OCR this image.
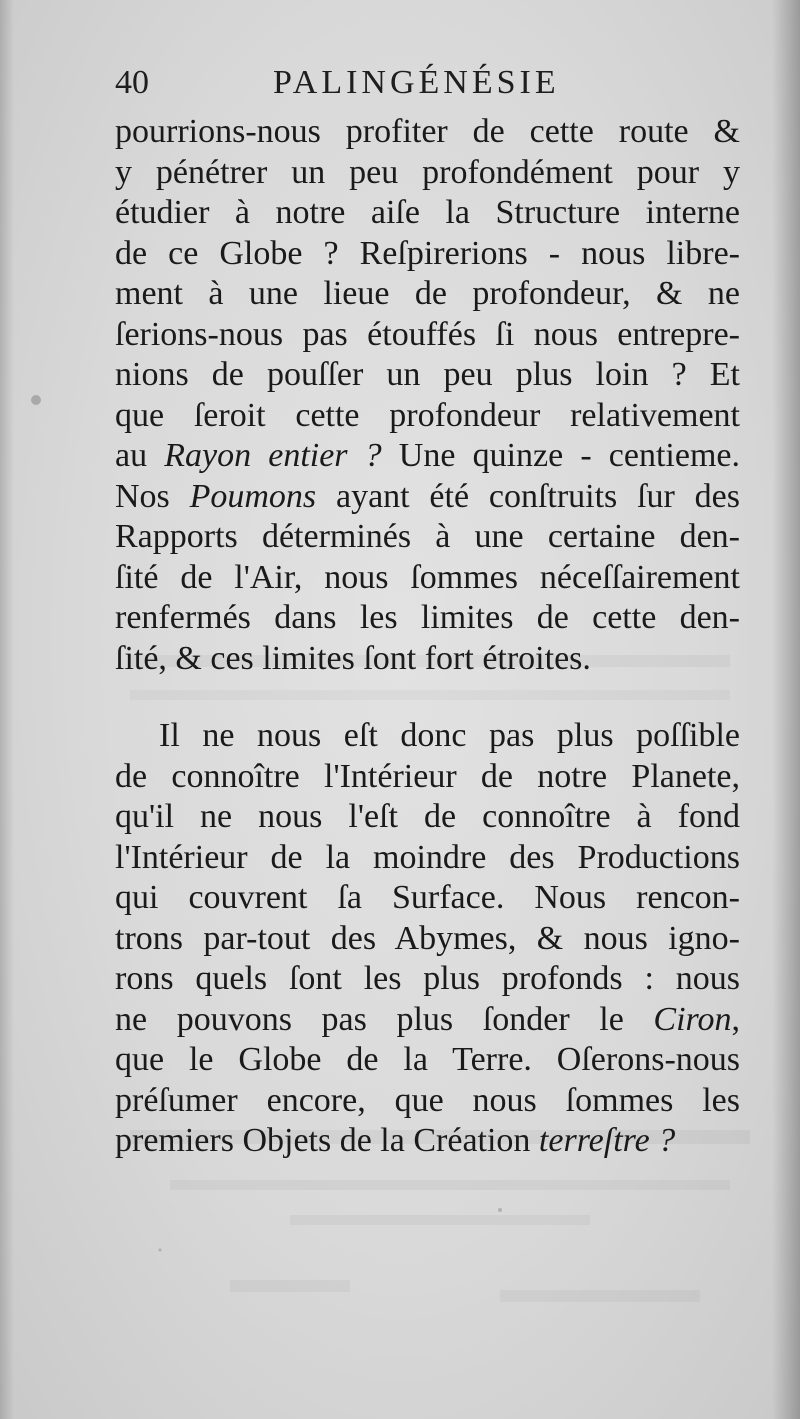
40	PALINGÉNÉSIE
pourrions-nous profiter de cette route &
y pénétrer un peu profondément pour y
étudier à notre aiſe la Structure interne
de ce Globe ? Reſpirerions - nous libre-
ment à une lieue de profondeur, & ne
ſerions-nous pas étouffés ſi nous entrepre-
nions de pouſſer un peu plus loin ? Et
que ſeroit cette profondeur relativement
au Rayon entier ? Une quinze - centieme.
Nos Poumons ayant été conſtruits ſur des
Rapports déterminés à une certaine den-
ſité de l'Air, nous ſommes néceſſairement
renfermés dans les limites de cette den-
ſité, & ces limites ſont fort étroites.
Il ne nous eſt donc pas plus poſſible
de connoître l'Intérieur de notre Planete,
qu'il ne nous l'eſt de connoître à fond
l'Intérieur de la moindre des Productions
qui couvrent ſa Surface. Nous rencon-
trons par-tout des Abymes, & nous igno-
rons quels ſont les plus profonds : nous
ne pouvons pas plus ſonder le Ciron,
que le Globe de la Terre. Oſerons-nous
préſumer encore, que nous ſommes les
premiers Objets de la Création terreſtre ?
